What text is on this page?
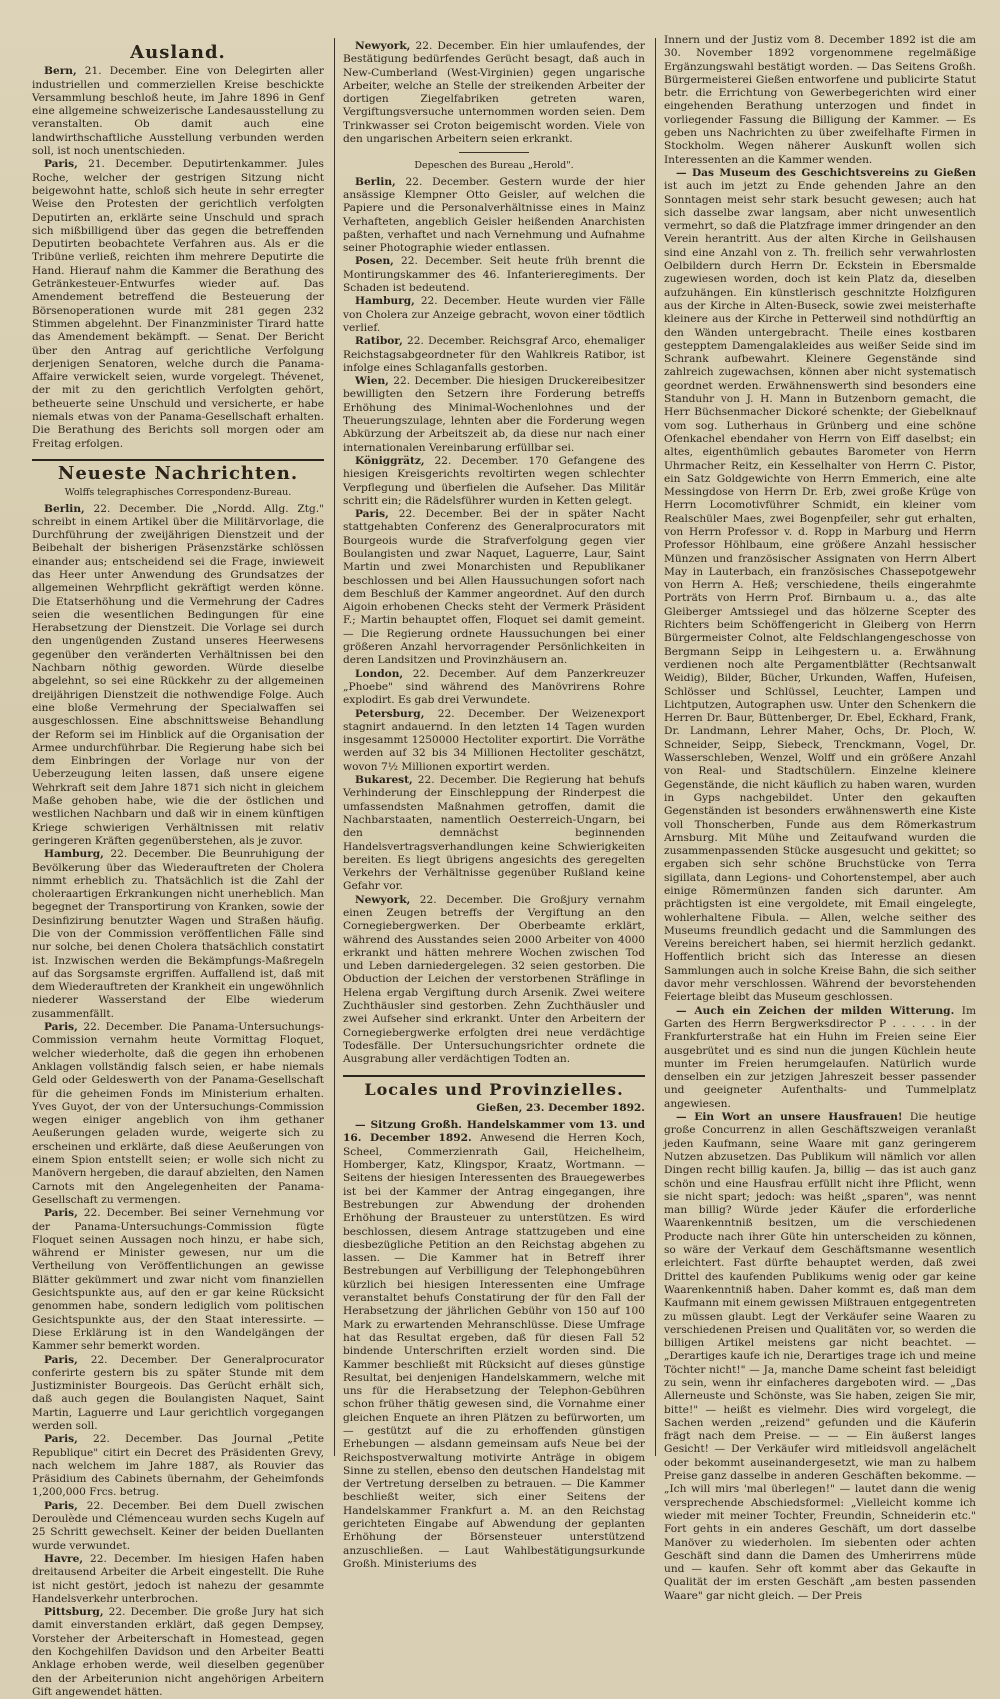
Ausland.

Bern, 21. December. Eine von Delegirten aller industriellen und commerziellen Kreise beschickte Versammlung beschloß heute, im Jahre 1896 in Genf eine allgemeine schweizerische Landesausstellung zu veranstalten. Ob damit auch eine landwirthschaftliche Ausstellung verbunden werden soll, ist noch unentschieden.

Paris, 21. December. Deputirtenkammer. Jules Roche, welcher der gestrigen Sitzung nicht beigewohnt hatte, schloß sich heute in sehr erregter Weise den Protesten der gerichtlich verfolgten Deputirten an, erklärte seine Unschuld und sprach sich mißbilligend über das gegen die betreffenden Deputirten beobachtete Verfahren aus. Als er die Tribüne verließ, reichten ihm mehrere Deputirte die Hand. Hierauf nahm die Kammer die Berathung des Getränkesteuer-Entwurfes wieder auf. Das Amendement betreffend die Besteuerung der Börsenoperationen wurde mit 281 gegen 232 Stimmen abgelehnt. Der Finanzminister Tirard hatte das Amendement bekämpft. — Senat. Der Bericht über den Antrag auf gerichtliche Verfolgung derjenigen Senatoren, welche durch die Panama-Affaire verwickelt seien, wurde vorgelegt. Thévenet, der mit zu den gerichtlich Verfolgten gehört, betheuerte seine Unschuld und versicherte, er habe niemals etwas von der Panama-Gesellschaft erhalten. Die Berathung des Berichts soll morgen oder am Freitag erfolgen.

Neueste Nachrichten.
Wolffs telegraphisches Correspondenz-Bureau.

Berlin, 22. December. Die „Nordd. Allg. Ztg." schreibt in einem Artikel über die Militärvorlage, die Durchführung der zweijährigen Dienstzeit und der Beibehalt der bisherigen Präsenzstärke schlössen einander aus; entscheidend sei die Frage, inwieweit das Heer unter Anwendung des Grundsatzes der allgemeinen Wehrpflicht gekräftigt werden könne. Die Etatserhöhung und die Vermehrung der Cadres seien die wesentlichen Bedingungen für eine Herabsetzung der Dienstzeit. Die Vorlage sei durch den ungenügenden Zustand unseres Heerwesens gegenüber den veränderten Verhältnissen bei den Nachbarn nöthig geworden. Würde dieselbe abgelehnt, so sei eine Rückkehr zu der allgemeinen dreijährigen Dienstzeit die nothwendige Folge. Auch eine bloße Vermehrung der Specialwaffen sei ausgeschlossen. Eine abschnittsweise Behandlung der Reform sei im Hinblick auf die Organisation der Armee undurchführbar. Die Regierung habe sich bei dem Einbringen der Vorlage nur von der Ueberzeugung leiten lassen, daß unsere eigene Wehrkraft seit dem Jahre 1871 sich nicht in gleichem Maße gehoben habe, wie die der östlichen und westlichen Nachbarn und daß wir in einem künftigen Kriege schwierigen Verhältnissen mit relativ geringeren Kräften gegenüberstehen, als je zuvor.

Hamburg, 22. December. Die Beunruhigung der Bevölkerung über das Wiederauftreten der Cholera nimmt erheblich zu. Thatsächlich ist die Zahl der choleraartigen Erkrankungen nicht unerheblich. Man begegnet der Transportirung von Kranken, sowie der Desinfizirung benutzter Wagen und Straßen häufig. Die von der Commission veröffentlichen Fälle sind nur solche, bei denen Cholera thatsächlich constatirt ist. Inzwischen werden die Bekämpfungs-Maßregeln auf das Sorgsamste ergriffen. Auffallend ist, daß mit dem Wiederauftreten der Krankheit ein ungewöhnlich niederer Wasserstand der Elbe wiederum zusammenfällt.

Paris, 22. December. Die Panama-Untersuchungs-Commission vernahm heute Vormittag Floquet, welcher wiederholte, daß die gegen ihn erhobenen Anklagen vollständig falsch seien, er habe niemals Geld oder Geldeswerth von der Panama-Gesellschaft für die geheimen Fonds im Ministerium erhalten. Yves Guyot, der von der Untersuchungs-Commission wegen einiger angeblich von ihm gethaner Aeußerungen geladen wurde, weigerte sich zu erscheinen und erklärte, daß diese Aeußerungen von einem Spion entstellt seien; er wolle sich nicht zu Manövern hergeben, die darauf abzielten, den Namen Carnots mit den Angelegenheiten der Panama-Gesellschaft zu vermengen.

Paris, 22. December. Bei seiner Vernehmung vor der Panama-Untersuchungs-Commission fügte Floquet seinen Aussagen noch hinzu, er habe sich, während er Minister gewesen, nur um die Vertheilung von Veröffentlichungen an gewisse Blätter gekümmert und zwar nicht vom finanziellen Gesichtspunkte aus, auf den er gar keine Rücksicht genommen habe, sondern lediglich vom politischen Gesichtspunkte aus, der den Staat interessirte. — Diese Erklärung ist in den Wandelgängen der Kammer sehr bemerkt worden.

Paris, 22. December. Der Generalprocurator conferirte gestern bis zu später Stunde mit dem Justizminister Bourgeois. Das Gerücht erhält sich, daß auch gegen die Boulangisten Naquet, Saint Martin, Laguerre und Laur gerichtlich vorgegangen werden soll.

Paris, 22. December. Das Journal „Petite Republique" citirt ein Decret des Präsidenten Grevy, nach welchem im Jahre 1887, als Rouvier das Präsidium des Cabinets übernahm, der Geheimfonds 1,200,000 Frcs. betrug.

Paris, 22. December. Bei dem Duell zwischen Deroulède und Clémenceau wurden sechs Kugeln auf 25 Schritt gewechselt. Keiner der beiden Duellanten wurde verwundet.

Havre, 22. December. Im hiesigen Hafen haben dreitausend Arbeiter die Arbeit eingestellt. Die Ruhe ist nicht gestört, jedoch ist nahezu der gesammte Handelsverkehr unterbrochen.

Pittsburg, 22. December. Die große Jury hat sich damit einverstanden erklärt, daß gegen Dempsey, Vorsteher der Arbeiterschaft in Homestead, gegen den Kochgehilfen Davidson und den Arbeiter Beatti Anklage erhoben werde, weil dieselben gegenüber den der Arbeiterunion nicht angehörigen Arbeitern Gift angewendet hätten.

Newyork, 22. December. Ein hier umlaufendes, der Bestätigung bedürfendes Gerücht besagt, daß auch in New-Cumberland (West-Virginien) gegen ungarische Arbeiter, welche an Stelle der streikenden Arbeiter der dortigen Ziegelfabriken getreten waren, Vergiftungsversuche unternommen worden seien. Dem Trinkwasser sei Croton beigemischt worden. Viele von den ungarischen Arbeitern seien erkrankt.

Depeschen des Bureau „Herold".

Berlin, 22. December. Gestern wurde der hier ansässige Klempner Otto Geisler, auf welchen die Papiere und die Personalverhältnisse eines in Mainz Verhafteten, angeblich Geisler heißenden Anarchisten paßten, verhaftet und nach Vernehmung und Aufnahme seiner Photographie wieder entlassen.

Posen, 22. December. Seit heute früh brennt die Montirungskammer des 46. Infanterieregiments. Der Schaden ist bedeutend.

Hamburg, 22. December. Heute wurden vier Fälle von Cholera zur Anzeige gebracht, wovon einer tödtlich verlief.

Ratibor, 22. December. Reichsgraf Arco, ehemaliger Reichstagsabgeordneter für den Wahlkreis Ratibor, ist infolge eines Schlaganfalls gestorben.

Wien, 22. December. Die hiesigen Druckereibesitzer bewilligten den Setzern ihre Forderung betreffs Erhöhung des Minimal-Wochenlohnes und der Theuerungszulage, lehnten aber die Forderung wegen Abkürzung der Arbeitszeit ab, da diese nur nach einer internationalen Vereinbarung erfüllbar sei.

Königgrätz, 22. December. 170 Gefangene des hiesigen Kreisgerichts revoltirten wegen schlechter Verpflegung und überfielen die Aufseher. Das Militär schritt ein; die Rädelsführer wurden in Ketten gelegt.

Paris, 22. December. Bei der in später Nacht stattgehabten Conferenz des Generalprocurators mit Bourgeois wurde die Strafverfolgung gegen vier Boulangisten und zwar Naquet, Laguerre, Laur, Saint Martin und zwei Monarchisten und Republikaner beschlossen und bei Allen Haussuchungen sofort nach dem Beschluß der Kammer angeordnet. Auf den durch Aigoin erhobenen Checks steht der Vermerk Präsident F.; Martin behauptet offen, Floquet sei damit gemeint. — Die Regierung ordnete Haussuchungen bei einer größeren Anzahl hervorragender Persönlichkeiten in deren Landsitzen und Provinzhäusern an.

London, 22. December. Auf dem Panzerkreuzer „Phoebe" sind während des Manövrirens Rohre explodirt. Es gab drei Verwundete.

Petersburg, 22. December. Der Weizenexport stagnirt andauernd. In den letzten 14 Tagen wurden insgesammt 1250000 Hectoliter exportirt. Die Vorräthe werden auf 32 bis 34 Millionen Hectoliter geschätzt, wovon 7½ Millionen exportirt werden.

Bukarest, 22. December. Die Regierung hat behufs Verhinderung der Einschleppung der Rinderpest die umfassendsten Maßnahmen getroffen, damit die Nachbarstaaten, namentlich Oesterreich-Ungarn, bei den demnächst beginnenden Handelsvertragsverhandlungen keine Schwierigkeiten bereiten. Es liegt übrigens angesichts des geregelten Verkehrs der Verhältnisse gegenüber Rußland keine Gefahr vor.

Newyork, 22. December. Die Großjury vernahm einen Zeugen betreffs der Vergiftung an den Cornegiebergwerken. Der Oberbeamte erklärt, während des Ausstandes seien 2000 Arbeiter von 4000 erkrankt und hätten mehrere Wochen zwischen Tod und Leben darniedergelegen. 32 seien gestorben. Die Obduction der Leichen der verstorbenen Sträflinge in Helena ergab Vergiftung durch Arsenik. Zwei weitere Zuchthäusler sind gestorben. Zehn Zuchthäusler und zwei Aufseher sind erkrankt. Unter den Arbeitern der Cornegiebergwerke erfolgten drei neue verdächtige Todesfälle. Der Untersuchungsrichter ordnete die Ausgrabung aller verdächtigen Todten an.

Locales und Provinzielles.
Gießen, 23. December 1892.

— Sitzung Großh. Handelskammer vom 13. und 16. December 1892. Anwesend die Herren Koch, Scheel, Commerzienrath Gail, Heichelheim, Homberger, Katz, Klingspor, Kraatz, Wortmann. — Seitens der hiesigen Interessenten des Brauegewerbes ist bei der Kammer der Antrag eingegangen, ihre Bestrebungen zur Abwendung der drohenden Erhöhung der Brausteuer zu unterstützen. Es wird beschlossen, diesem Antrage stattzugeben und eine diesbezügliche Petition an den Reichstag abgehen zu lassen. — Die Kammer hat in Betreff ihrer Bestrebungen auf Verbilligung der Telephongebühren kürzlich bei hiesigen Interessenten eine Umfrage veranstaltet behufs Constatirung der für den Fall der Herabsetzung der jährlichen Gebühr von 150 auf 100 Mark zu erwartenden Mehranschlüsse. Diese Umfrage hat das Resultat ergeben, daß für diesen Fall 52 bindende Unterschriften erzielt worden sind. Die Kammer beschließt mit Rücksicht auf dieses günstige Resultat, bei denjenigen Handelskammern, welche mit uns für die Herabsetzung der Telephon-Gebühren schon früher thätig gewesen sind, die Vornahme einer gleichen Enquete an ihren Plätzen zu befürworten, um — gestützt auf die zu erhoffenden günstigen Erhebungen — alsdann gemeinsam aufs Neue bei der Reichspostverwaltung motivirte Anträge in obigem Sinne zu stellen, ebenso den deutschen Handelstag mit der Vertretung derselben zu betrauen. — Die Kammer beschließt weiter, sich einer Seitens der Handelskammer Frankfurt a. M. an den Reichstag gerichteten Eingabe auf Abwendung der geplanten Erhöhung der Börsensteuer unterstützend anzuschließen. — Laut Wahlbestätigungsurkunde Großh. Ministeriums des

Innern und der Justiz vom 8. December 1892 ist die am 30. November 1892 vorgenommene regelmäßige Ergänzungswahl bestätigt worden. — Das Seitens Großh. Bürgermeisterei Gießen entworfene und publicirte Statut betr. die Errichtung von Gewerbegerichten wird einer eingehenden Berathung unterzogen und findet in vorliegender Fassung die Billigung der Kammer. — Es geben uns Nachrichten zu über zweifelhafte Firmen in Stockholm. Wegen näherer Auskunft wollen sich Interessenten an die Kammer wenden.

— Das Museum des Geschichtsvereins zu Gießen ist auch im jetzt zu Ende gehenden Jahre an den Sonntagen meist sehr stark besucht gewesen; auch hat sich dasselbe zwar langsam, aber nicht unwesentlich vermehrt, so daß die Platzfrage immer dringender an den Verein herantritt. Aus der alten Kirche in Geilshausen sind eine Anzahl von z. Th. freilich sehr verwahrlosten Oelbildern durch Herrn Dr. Eckstein in Ebersmalde zugewiesen worden, doch ist kein Platz da, dieselben aufzuhängen. Ein künstlerisch geschnitzte Holzfiguren aus der Kirche in Alten-Buseck, sowie zwei meisterhafte kleinere aus der Kirche in Petterweil sind nothdürftig an den Wänden untergebracht. Theile eines kostbaren gestepptem Damengalakleides aus weißer Seide sind im Schrank aufbewahrt. Kleinere Gegenstände sind zahlreich zugewachsen, können aber nicht systematisch geordnet werden. Erwähnenswerth sind besonders eine Standuhr von J. H. Mann in Butzenborn gemacht, die Herr Büchsenmacher Dickoré schenkte; der Giebelknauf vom sog. Lutherhaus in Grünberg und eine schöne Ofenkachel ebendaher von Herrn von Eiff daselbst; ein altes, eigenthümlich gebautes Barometer von Herrn Uhrmacher Reitz, ein Kesselhalter von Herrn C. Pistor, ein Satz Goldgewichte von Herrn Emmerich, eine alte Messingdose von Herrn Dr. Erb, zwei große Krüge von Herrn Locomotivführer Schmidt, ein kleiner vom Realschüler Maes, zwei Bogenpfeiler, sehr gut erhalten, von Herrn Professor v. d. Ropp in Marburg und Herrn Professor Höhlbaum, eine größere Anzahl hessischer Münzen und französischer Assignaten von Herrn Albert May in Lauterbach, ein französisches Chassepotgewehr von Herrn A. Heß; verschiedene, theils eingerahmte Porträts von Herrn Prof. Birnbaum u. a., das alte Gleiberger Amtssiegel und das hölzerne Scepter des Richters beim Schöffengericht in Gleiberg von Herrn Bürgermeister Colnot, alte Feldschlangengeschosse von Bergmann Seipp in Leihgestern u. a. Erwähnung verdienen noch alte Pergamentblätter (Rechtsanwalt Weidig), Bilder, Bücher, Urkunden, Waffen, Hufeisen, Schlösser und Schlüssel, Leuchter, Lampen und Lichtputzen, Autographen usw. Unter den Schenkern die Herren Dr. Baur, Büttenberger, Dr. Ebel, Eckhard, Frank, Dr. Landmann, Lehrer Maher, Ochs, Dr. Ploch, W. Schneider, Seipp, Siebeck, Trenckmann, Vogel, Dr. Wasserschleben, Wenzel, Wolff und ein größere Anzahl von Real- und Stadtschülern. Einzelne kleinere Gegenstände, die nicht käuflich zu haben waren, wurden in Gyps nachgebildet. Unter den gekauften Gegenständen ist besonders erwähnenswerth eine Kiste voll Thonscherben, Funde aus dem Römerkastrum Arnsburg. Mit Mühe und Zeitaufwand wurden die zusammenpassenden Stücke ausgesucht und gekittet; so ergaben sich sehr schöne Bruchstücke von Terra sigillata, dann Legions- und Cohortenstempel, aber auch einige Römermünzen fanden sich darunter. Am prächtigsten ist eine vergoldete, mit Email eingelegte, wohlerhaltene Fibula. — Allen, welche seither des Museums freundlich gedacht und die Sammlungen des Vereins bereichert haben, sei hiermit herzlich gedankt. Hoffentlich bricht sich das Interesse an diesen Sammlungen auch in solche Kreise Bahn, die sich seither davor mehr verschlossen. Während der bevorstehenden Feiertage bleibt das Museum geschlossen.

— Auch ein Zeichen der milden Witterung. Im Garten des Herrn Bergwerksdirector P . . . . . in der Frankfurterstraße hat ein Huhn im Freien seine Eier ausgebrütet und es sind nun die jungen Küchlein heute munter im Freien herumgelaufen. Natürlich wurde denselben ein zur jetzigen Jahreszeit besser passender und geeigneter Aufenthalts- und Tummelplatz angewiesen.

— Ein Wort an unsere Hausfrauen! Die heutige große Concurrenz in allen Geschäftszweigen veranlaßt jeden Kaufmann, seine Waare mit ganz geringerem Nutzen abzusetzen. Das Publikum will nämlich vor allen Dingen recht billig kaufen. Ja, billig — das ist auch ganz schön und eine Hausfrau erfüllt nicht ihre Pflicht, wenn sie nicht spart; jedoch: was heißt „sparen", was nennt man billig? Würde jeder Käufer die erforderliche Waarenkenntniß besitzen, um die verschiedenen Producte nach ihrer Güte hin unterscheiden zu können, so wäre der Verkauf dem Geschäftsmanne wesentlich erleichtert. Fast dürfte behauptet werden, daß zwei Drittel des kaufenden Publikums wenig oder gar keine Waarenkenntniß haben. Daher kommt es, daß man dem Kaufmann mit einem gewissen Mißtrauen entgegentreten zu müssen glaubt. Legt der Verkäufer seine Waaren zu verschiedenen Preisen und Qualitäten vor, so werden die billigen Artikel meistens gar nicht beachtet. — „Derartiges kaufe ich nie, Derartiges trage ich und meine Töchter nicht!" — Ja, manche Dame scheint fast beleidigt zu sein, wenn ihr einfacheres dargeboten wird. — „Das Allerneuste und Schönste, was Sie haben, zeigen Sie mir, bitte!" — heißt es vielmehr. Dies wird vorgelegt, die Sachen werden „reizend" gefunden und die Käuferin frägt nach dem Preise. — — — Ein äußerst langes Gesicht! — Der Verkäufer wird mitleidsvoll angelächelt oder bekommt auseinandergesetzt, wie man zu halbem Preise ganz dasselbe in anderen Geschäften bekomme. — „Ich will mirs 'mal überlegen!" — lautet dann die wenig versprechende Abschiedsformel: „Vielleicht komme ich wieder mit meiner Tochter, Freundin, Schneiderin etc." Fort gehts in ein anderes Geschäft, um dort dasselbe Manöver zu wiederholen. Im siebenten oder achten Geschäft sind dann die Damen des Umherirrens müde und — kaufen. Sehr oft kommt aber das Gekaufte in Qualität der im ersten Geschäft „am besten passenden Waare" gar nicht gleich. — Der Preis
